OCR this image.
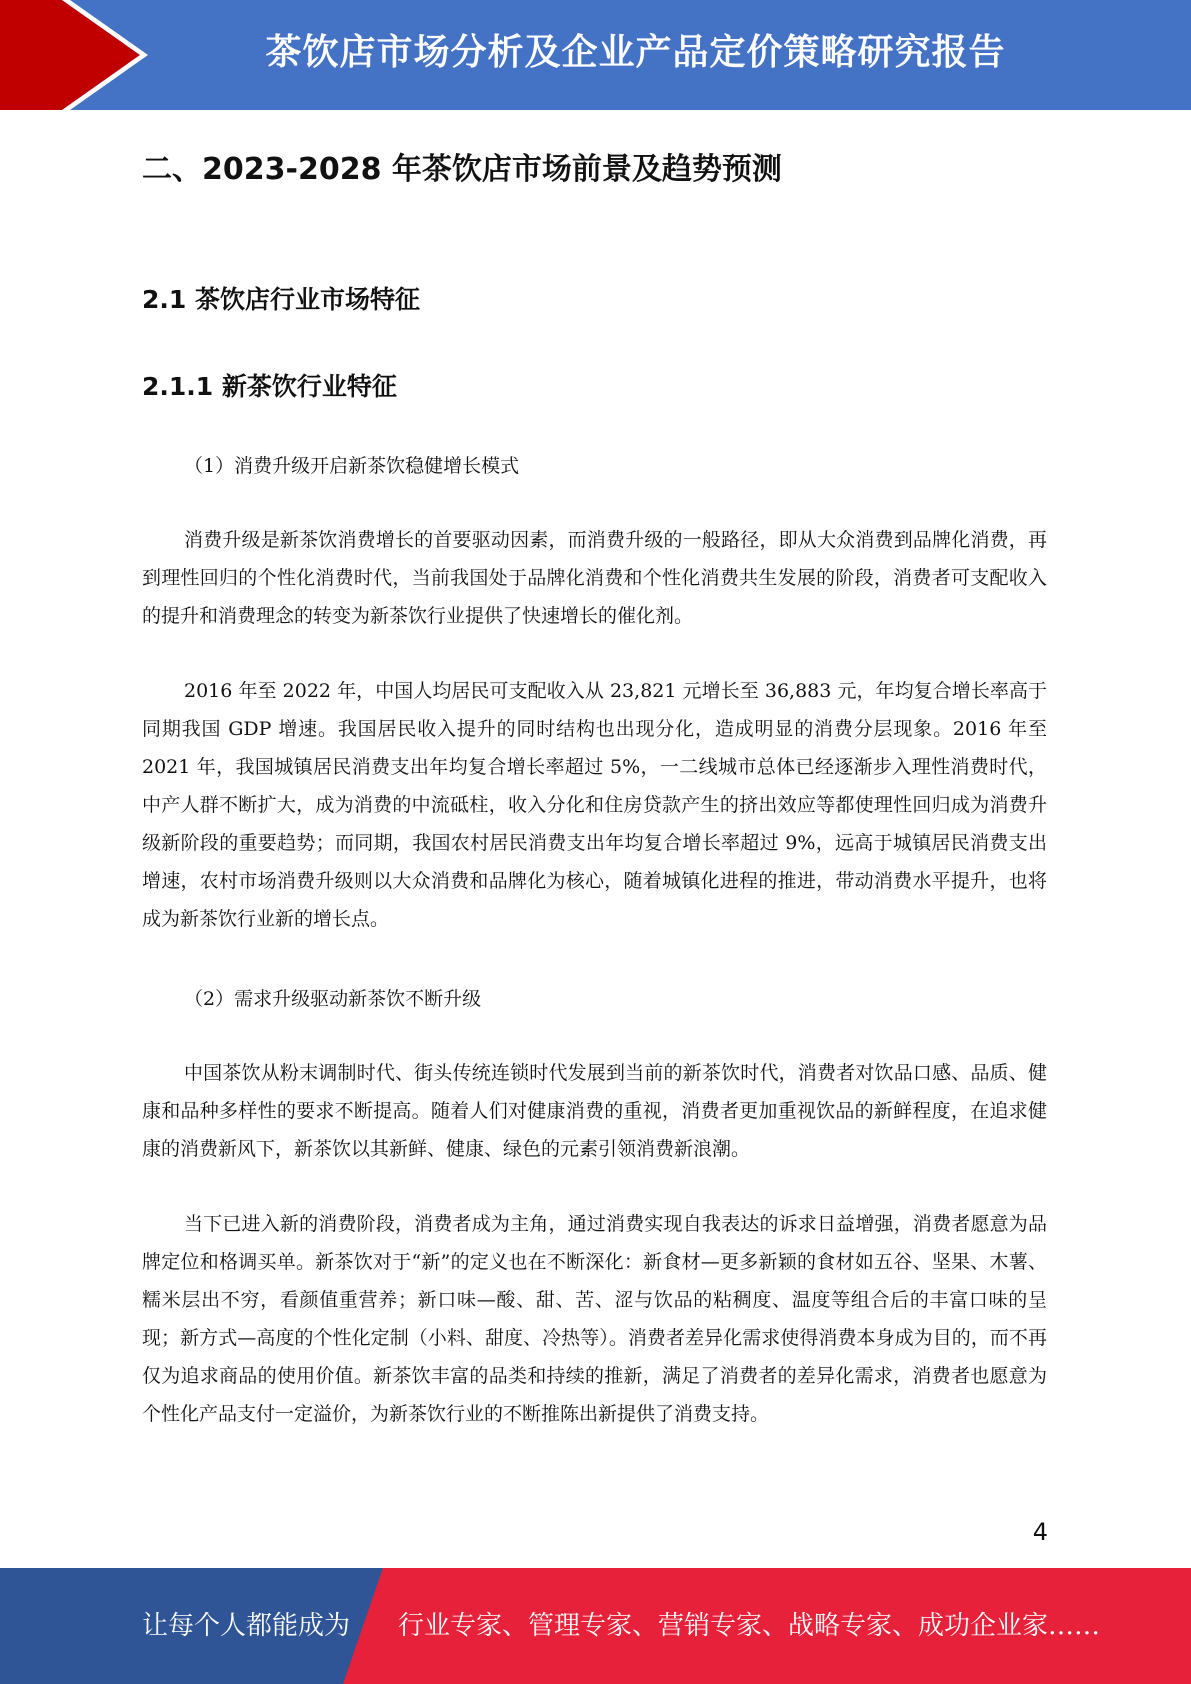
茶饮店市场分析及企业产品定价策略研究报告
二、2023-2028 年茶饮店市场前景及趋势预测
2.1 茶饮店行业市场特征
2.1.1 新茶饮行业特征

（1）消费升级开启新茶饮稳健增长模式

消费升级是新茶饮消费增长的首要驱动因素，而消费升级的一般路径，即从大众消费到品牌化消费，再到理性回归的个性化消费时代，当前我国处于品牌化消费和个性化消费共生发展的阶段，消费者可支配收入的提升和消费理念的转变为新茶饮行业提供了快速增长的催化剂。

2016 年至 2022 年，中国人均居民可支配收入从 23,821 元增长至 36,883 元，年均复合增长率高于同期我国 GDP 增速。我国居民收入提升的同时结构也出现分化，造成明显的消费分层现象。2016 年至 2021 年，我国城镇居民消费支出年均复合增长率超过 5%，一二线城市总体已经逐渐步入理性消费时代，中产人群不断扩大，成为消费的中流砥柱，收入分化和住房贷款产生的挤出效应等都使理性回归成为消费升级新阶段的重要趋势；而同期，我国农村居民消费支出年均复合增长率超过 9%，远高于城镇居民消费支出增速，农村市场消费升级则以大众消费和品牌化为核心，随着城镇化进程的推进，带动消费水平提升，也将成为新茶饮行业新的增长点。

（2）需求升级驱动新茶饮不断升级

中国茶饮从粉末调制时代、街头传统连锁时代发展到当前的新茶饮时代，消费者对饮品口感、品质、健康和品种多样性的要求不断提高。随着人们对健康消费的重视，消费者更加重视饮品的新鲜程度，在追求健康的消费新风下，新茶饮以其新鲜、健康、绿色的元素引领消费新浪潮。

当下已进入新的消费阶段，消费者成为主角，通过消费实现自我表达的诉求日益增强，消费者愿意为品牌定位和格调买单。新茶饮对于“新”的定义也在不断深化：新食材—更多新颖的食材如五谷、坚果、木薯、糯米层出不穷，看颜值重营养；新口味—酸、甜、苦、涩与饮品的粘稠度、温度等组合后的丰富口味的呈现；新方式—高度的个性化定制（小料、甜度、冷热等）。消费者差异化需求使得消费本身成为目的，而不再仅为追求商品的使用价值。新茶饮丰富的品类和持续的推新，满足了消费者的差异化需求，消费者也愿意为个性化产品支付一定溢价，为新茶饮行业的不断推陈出新提供了消费支持。

4
让每个人都能成为 行业专家、管理专家、营销专家、战略专家、成功企业家……
